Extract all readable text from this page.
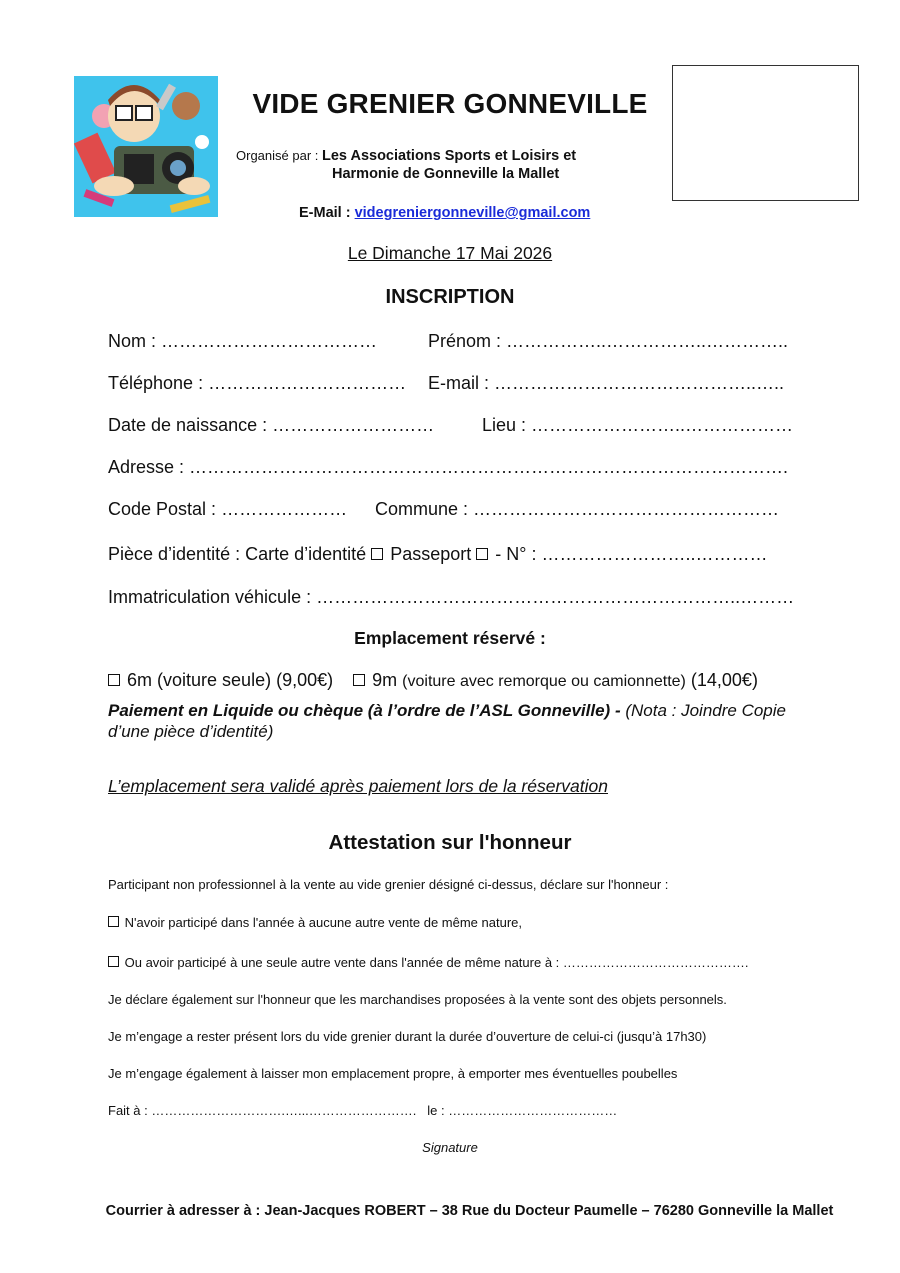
VIDE GRENIER GONNEVILLE
Organisé par : Les Associations Sports et Loisirs et
Harmonie de Gonneville la Mallet
E-Mail : videgreniergonneville@gmail.com
Le Dimanche 17 Mai 2026
INSCRIPTION
Nom : ………………………………	Prénom : ……………..……………..…………..
Téléphone : …………………………… E-mail : ……………………………………..…..
Date de naissance : ………………………	Lieu : ……………………..………………
Adresse : ……………………………………………………………………………………….
Code Postal : ………………… Commune : ……………………………………………
Pièce d’identité : Carte d’identité Passeport - N° : ……………………..…………
Immatriculation véhicule : ……………………………………………………………..………
Emplacement réservé :
6m (voiture seule) (9,00€) 9m (voiture avec remorque ou camionnette) (14,00€)
Paiement en Liquide ou chèque (à l’ordre de l’ASL Gonneville) - (Nota : Joindre Copie d’une pièce d’identité)
L’emplacement sera validé après paiement lors de la réservation
Attestation sur l'honneur
Participant non professionnel à la vente au vide grenier désigné ci-dessus, déclare sur l'honneur :
N'avoir participé dans l'année à aucune autre vente de même nature,
Ou avoir participé à une seule autre vente dans l'année de même nature à : …………………………………….
Je déclare également sur l'honneur que les marchandises proposées à la vente sont des objets personnels.
Je m’engage a rester présent lors du vide grenier durant la durée d’ouverture de celui-ci (jusqu’à 17h30)
Je m’engage également à laisser mon emplacement propre, à emporter mes éventuelles poubelles
Fait à : ………………………….…...……………………. le : …………………………………
Signature
Courrier à adresser à : Jean-Jacques ROBERT – 38 Rue du Docteur Paumelle – 76280 Gonneville la Mallet
